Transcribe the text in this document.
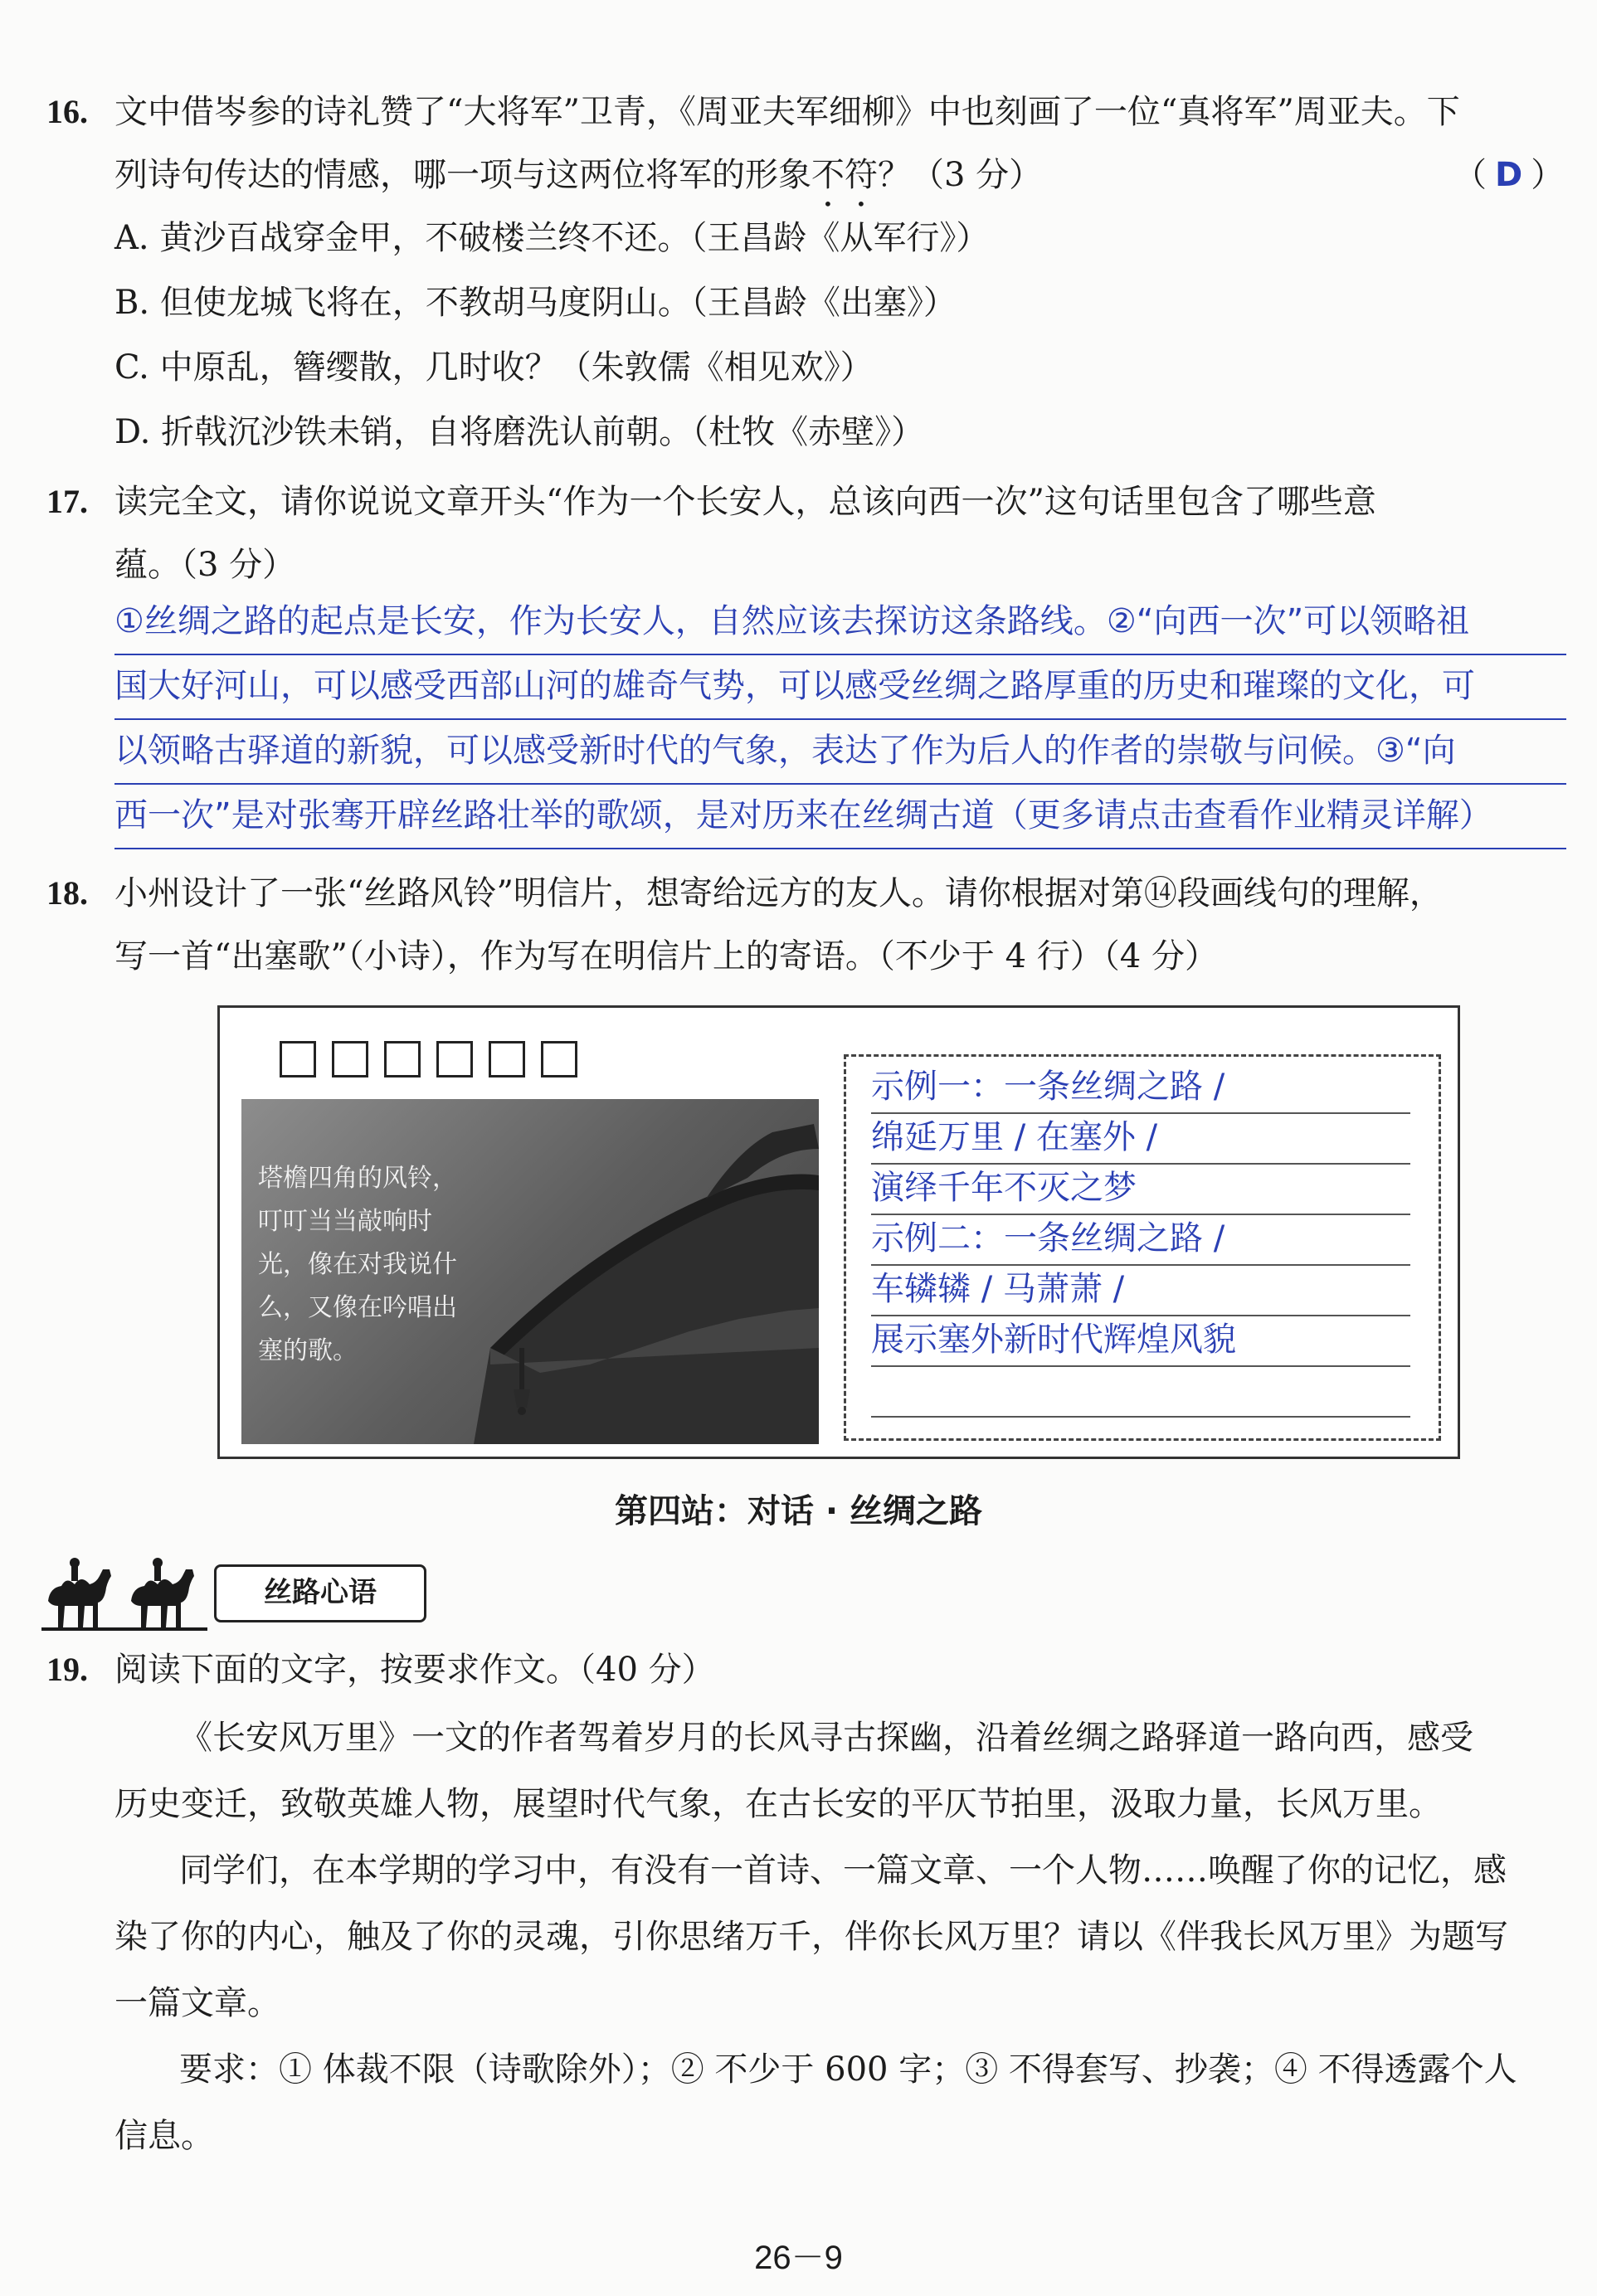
16. 文中借岑参的诗礼赞了“大将军”卫青，《周亚夫军细柳》中也刻画了一位“真将军”周亚夫。下
列诗句传达的情感，哪一项与这两位将军的形象不符？（3 分）	（ D ）
A. 黄沙百战穿金甲，不破楼兰终不还。（王昌龄《从军行》）
B. 但使龙城飞将在，不教胡马度阴山。（王昌龄《出塞》）
C. 中原乱，簪缨散，几时收？（朱敦儒《相见欢》）
D. 折戟沉沙铁未销，自将磨洗认前朝。（杜牧《赤壁》）
17. 读完全文，请你说说文章开头“作为一个长安人，总该向西一次”这句话里包含了哪些意
蕴。（3 分）
①丝绸之路的起点是长安，作为长安人，自然应该去探访这条路线。②“向西一次”可以领略祖
国大好河山，可以感受西部山河的雄奇气势，可以感受丝绸之路厚重的历史和璀璨的文化，可
以领略古驿道的新貌，可以感受新时代的气象，表达了作为后人的作者的崇敬与问候。③“向
西一次”是对张骞开辟丝路壮举的歌颂，是对历来在丝绸古道（更多请点击查看作业精灵详解）
18. 小州设计了一张“丝路风铃”明信片，想寄给远方的友人。请你根据对第⑭段画线句的理解，
写一首“出塞歌”（小诗），作为写在明信片上的寄语。（不少于 4 行）（4 分）
塔檐四角的风铃，叮叮当当敲响时光，像在对我说什么，又像在吟唱出塞的歌。
示例一：一条丝绸之路 /
绵延万里 / 在塞外 /
演绎千年不灭之梦
示例二：一条丝绸之路 /
车辚辚 / 马萧萧 /
展示塞外新时代辉煌风貌
第四站：对话 · 丝绸之路
丝路心语
19. 阅读下面的文字，按要求作文。（40 分）
《长安风万里》一文的作者驾着岁月的长风寻古探幽，沿着丝绸之路驿道一路向西，感受
历史变迁，致敬英雄人物，展望时代气象，在古长安的平仄节拍里，汲取力量，长风万里。
同学们，在本学期的学习中，有没有一首诗、一篇文章、一个人物……唤醒了你的记忆，感
染了你的内心，触及了你的灵魂，引你思绪万千，伴你长风万里？请以《伴我长风万里》为题写
一篇文章。
要求：① 体裁不限（诗歌除外）；② 不少于 600 字；③ 不得套写、抄袭；④ 不得透露个人
信息。
26－9
